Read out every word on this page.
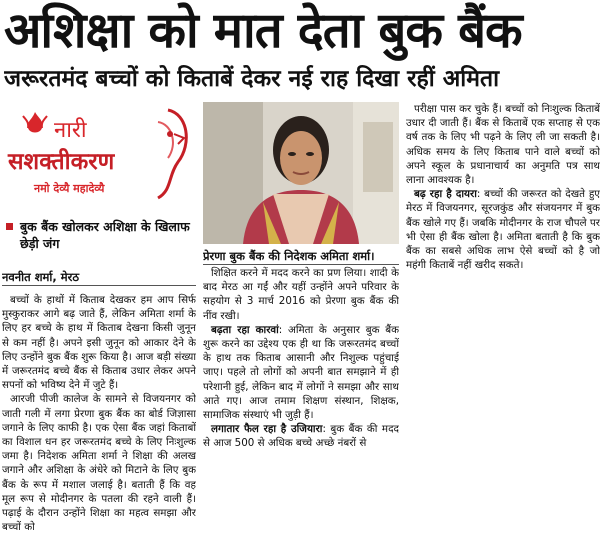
अशिक्षा को मात देता बुक बैंक
जरूरतमंद बच्चों को किताबें देकर नई राह दिखा रहीं अमिता
नारी
सशक्तीकरण
नमो देव्यै महादेव्यै
बुक बैंक खोलकर अशिक्षा के खिलाफ छेड़ी जंग
नवनीत शर्मा, मेरठ
प्रेरणा बुक बैंक की निदेशक अमिता शर्मा।

बच्चों के हाथों में किताब देखकर हम आप सिर्फ मुस्कुराकर आगे बढ़ जाते हैं, लेकिन अमिता शर्मा के लिए हर बच्चे के हाथ में किताब देखना किसी जुनून से कम नहीं है। अपने इसी जुनून को आकार देने के लिए उन्होंने बुक बैंक शुरू किया है। आज बड़ी संख्या में जरूरतमंद बच्चे बैंक से किताब उधार लेकर अपने सपनों को भविष्य देने में जुटे हैं।

आरजी पीजी कालेज के सामने से विजयनगर को जाती गली में लगा प्रेरणा बुक बैंक का बोर्ड जिज्ञासा जगाने के लिए काफी है। एक ऐसा बैंक जहां किताबों का विशाल धन हर जरूरतमंद बच्चे के लिए निःशुल्क जमा है। निदेशक अमिता शर्मा ने शिक्षा की अलख जगाने और अशिक्षा के अंधेरे को मिटाने के लिए बुक बैंक के रूप में मशाल जलाई है। बताती हैं कि वह मूल रूप से मोदीनगर के पतला की रहने वाली हैं। पढ़ाई के दौरान उन्होंने शिक्षा का महत्व समझा और बच्चों को

शिक्षित करने में मदद करने का प्रण लिया। शादी के बाद मेरठ आ गईं और यहीं उन्होंने अपने परिवार के सहयोग से 3 मार्च 2016 को प्रेरणा बुक बैंक की नींव रखी।

बढ़ता रहा कारवां: अमिता के अनुसार बुक बैंक शुरू करने का उद्देश्य एक ही था कि जरूरतमंद बच्चों के हाथ तक किताब आसानी और निशुल्क पहुंचाई जाए। पहले तो लोगों को अपनी बात समझाने में ही परेशानी हुई, लेकिन बाद में लोगों ने समझा और साथ आते गए। आज तमाम शिक्षण संस्थान, शिक्षक, सामाजिक संस्थाएं भी जुड़ी हैं।

लगातार फैल रहा है उजियारा: बुक बैंक की मदद से आज 500 से अधिक बच्चे अच्छे नंबरों से

परीक्षा पास कर चुके हैं। बच्चों को निःशुल्क किताबें उधार दी जाती हैं। बैंक से किताबें एक सप्ताह से एक वर्ष तक के लिए भी पढ़ने के लिए ली जा सकती है। अधिक समय के लिए किताब पाने वाले बच्चों को अपने स्कूल के प्रधानाचार्य का अनुमति पत्र साथ लाना आवश्यक है।

बढ़ रहा है दायरा: बच्चों की जरूरत को देखते हुए मेरठ में विजयनगर, सूरजकुंड और संजयनगर में बुक बैंक खोले गए हैं। जबकि मोदीनगर के राज चौपले पर भी ऐसा ही बैंक खोला है। अमिता बताती है कि बुक बैंक का सबसे अधिक लाभ ऐसे बच्चों को है जो महंगी किताबें नहीं खरीद सकते।
